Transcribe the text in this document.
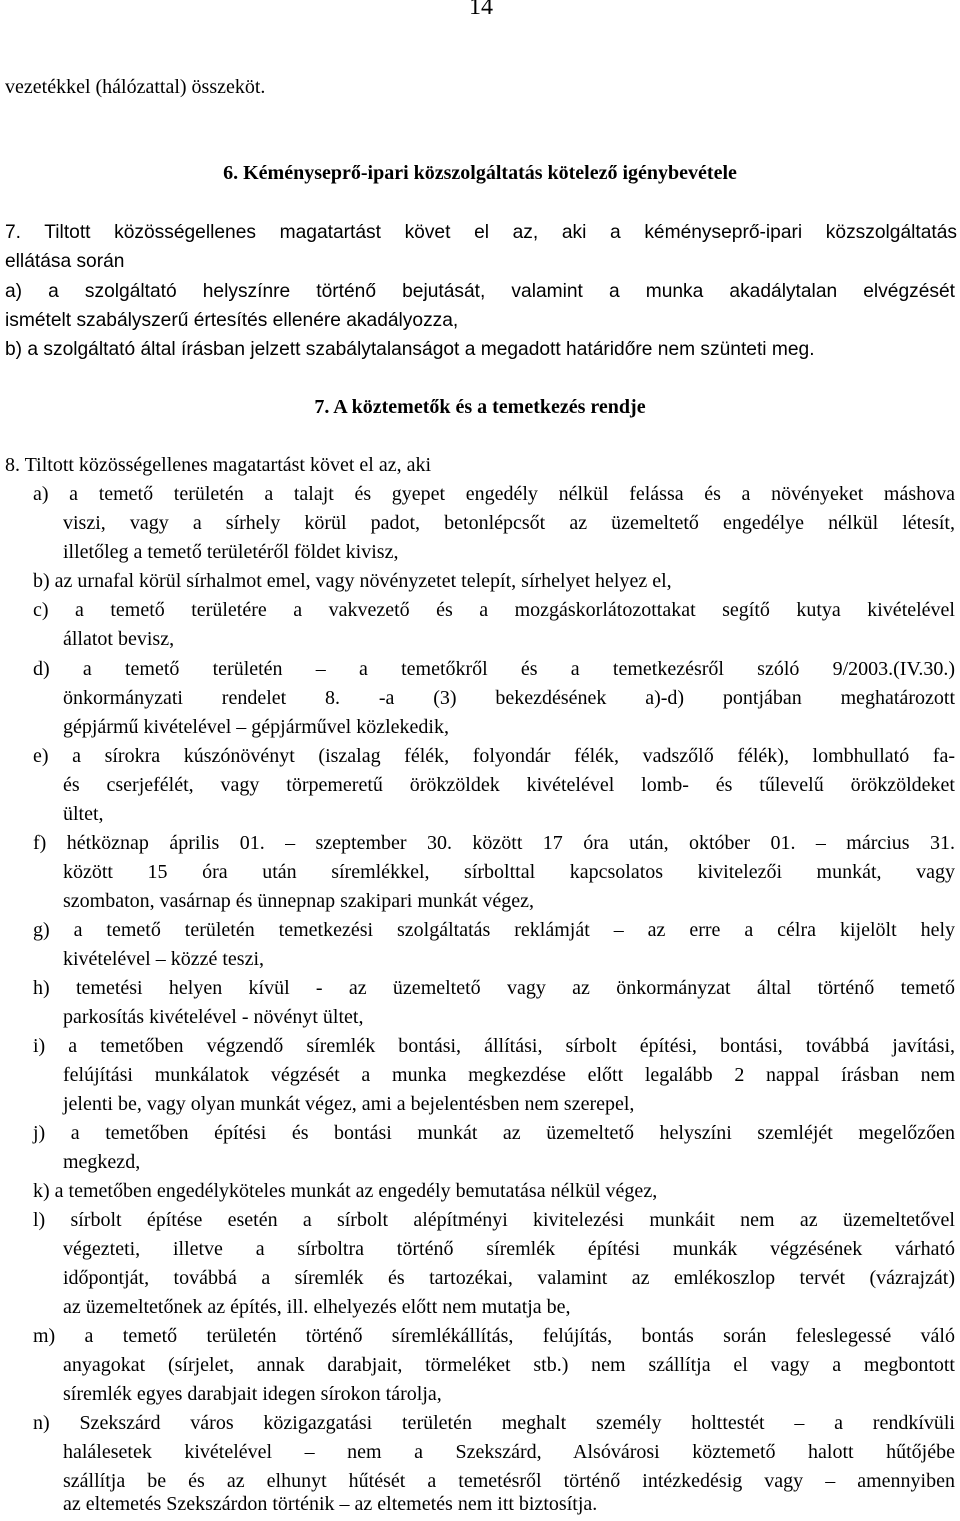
14
vezetékkel (hálózattal) összeköt.
6. Kéményseprő-ipari közszolgáltatás kötelező igénybevétele
7. Tiltott közösségellenes magatartást követ el az, aki a kéményseprő-ipari közszolgáltatás
ellátása során
a) a szolgáltató helyszínre történő bejutását, valamint a munka akadálytalan elvégzését
ismételt szabályszerű értesítés ellenére akadályozza,
b) a szolgáltató által írásban jelzett szabálytalanságot a megadott határidőre nem szünteti meg.
7. A köztemetők és a temetkezés rendje
8. Tiltott közösségellenes magatartást követ el az, aki
a) a temető területén a talajt és gyepet engedély nélkül felássa és a növényeket máshova
viszi, vagy a sírhely körül padot, betonlépcsőt az üzemeltető engedélye nélkül létesít,
illetőleg a temető területéről földet kivisz,
b) az urnafal körül sírhalmot emel, vagy növényzetet telepít, sírhelyet helyez el,
c) a temető területére a vakvezető és a mozgáskorlátozottakat segítő kutya kivételével
állatot bevisz,
d) a temető területén – a temetőkről és a temetkezésről szóló 9/2003.(IV.30.)
önkormányzati rendelet 8. -a (3) bekezdésének a)-d) pontjában meghatározott
gépjármű kivételével – gépjárművel közlekedik,
e) a sírokra kúszónövényt (iszalag félék, folyondár félék, vadszőlő félék), lombhullató fa-
és cserjefélét, vagy törpemeretű örökzöldek kivételével lomb- és tűlevelű örökzöldeket
ültet,
f) hétköznap április 01. – szeptember 30. között 17 óra után, október 01. – március 31.
között 15 óra után síremlékkel, sírbolttal kapcsolatos kivitelezői munkát, vagy
szombaton, vasárnap és ünnepnap szakipari munkát végez,
g) a temető területén temetkezési szolgáltatás reklámját – az erre a célra kijelölt hely
kivételével – közzé teszi,
h) temetési helyen kívül - az üzemeltető vagy az önkormányzat által történő temető
parkosítás kivételével - növényt ültet,
i) a temetőben végzendő síremlék bontási, állítási, sírbolt építési, bontási, továbbá javítási,
felújítási munkálatok végzését a munka megkezdése előtt legalább 2 nappal írásban nem
jelenti be, vagy olyan munkát végez, ami a bejelentésben nem szerepel,
j) a temetőben építési és bontási munkát az üzemeltető helyszíni szemléjét megelőzően
megkezd,
k) a temetőben engedélyköteles munkát az engedély bemutatása nélkül végez,
l) sírbolt építése esetén a sírbolt alépítményi kivitelezési munkáit nem az üzemeltetővel
végezteti, illetve a sírboltra történő síremlék építési munkák végzésének várható
időpontját, továbbá a síremlék és tartozékai, valamint az emlékoszlop tervét (vázrajzát)
az üzemeltetőnek az építés, ill. elhelyezés előtt nem mutatja be,
m) a temető területén történő síremlékállítás, felújítás, bontás során feleslegessé váló
anyagokat (sírjelet, annak darabjait, törmeléket stb.) nem szállítja el vagy a megbontott
síremlék egyes darabjait idegen sírokon tárolja,
n) Szekszárd város közigazgatási területén meghalt személy holttestét – a rendkívüli
halálesetek kivételével – nem a Szekszárd, Alsóvárosi köztemető halott hűtőjébe
szállítja be és az elhunyt hűtését a temetésről történő intézkedésig vagy – amennyiben
az eltemetés Szekszárdon történik – az eltemetés nem itt biztosítja.
